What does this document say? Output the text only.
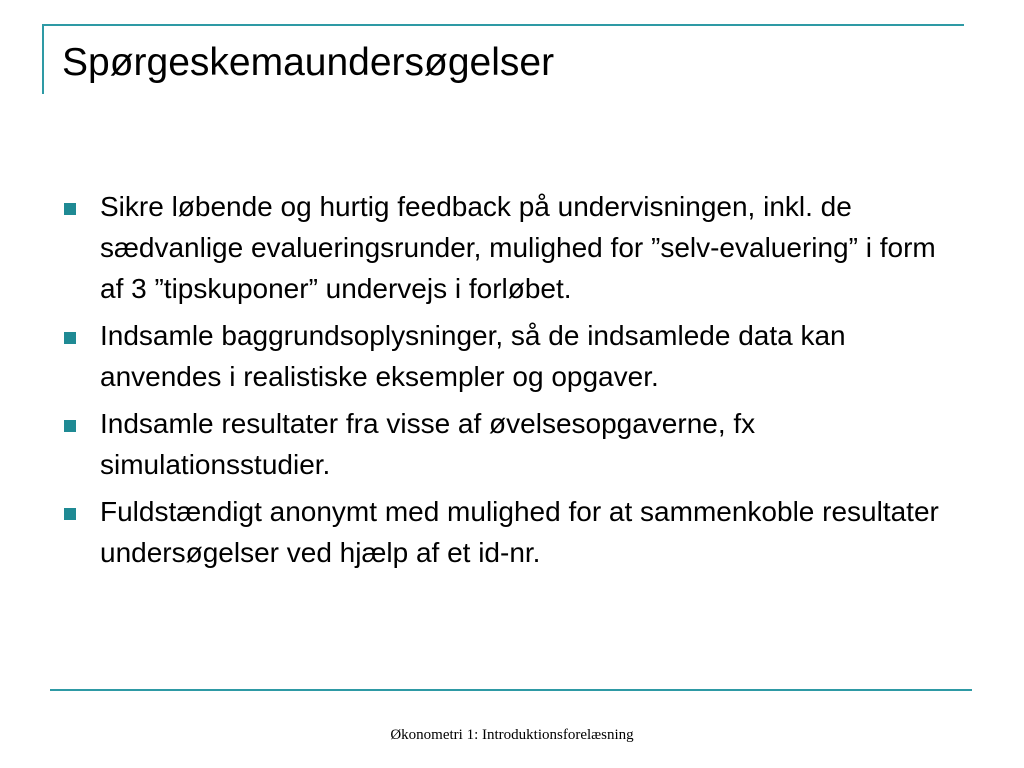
Spørgeskemaundersøgelser
Sikre løbende og hurtig feedback på undervisningen, inkl. de sædvanlige evalueringsrunder, mulighed for ”selv-evaluering” i form af 3 ”tipskuponer” undervejs i forløbet.
Indsamle baggrundsoplysninger, så de indsamlede data kan anvendes i realistiske eksempler og opgaver.
Indsamle resultater fra visse af øvelsesopgaverne, fx simulationsstudier.
Fuldstændigt anonymt med mulighed for at sammenkoble resultater undersøgelser ved hjælp af et id-nr.
Økonometri 1: Introduktionsforelæsning
